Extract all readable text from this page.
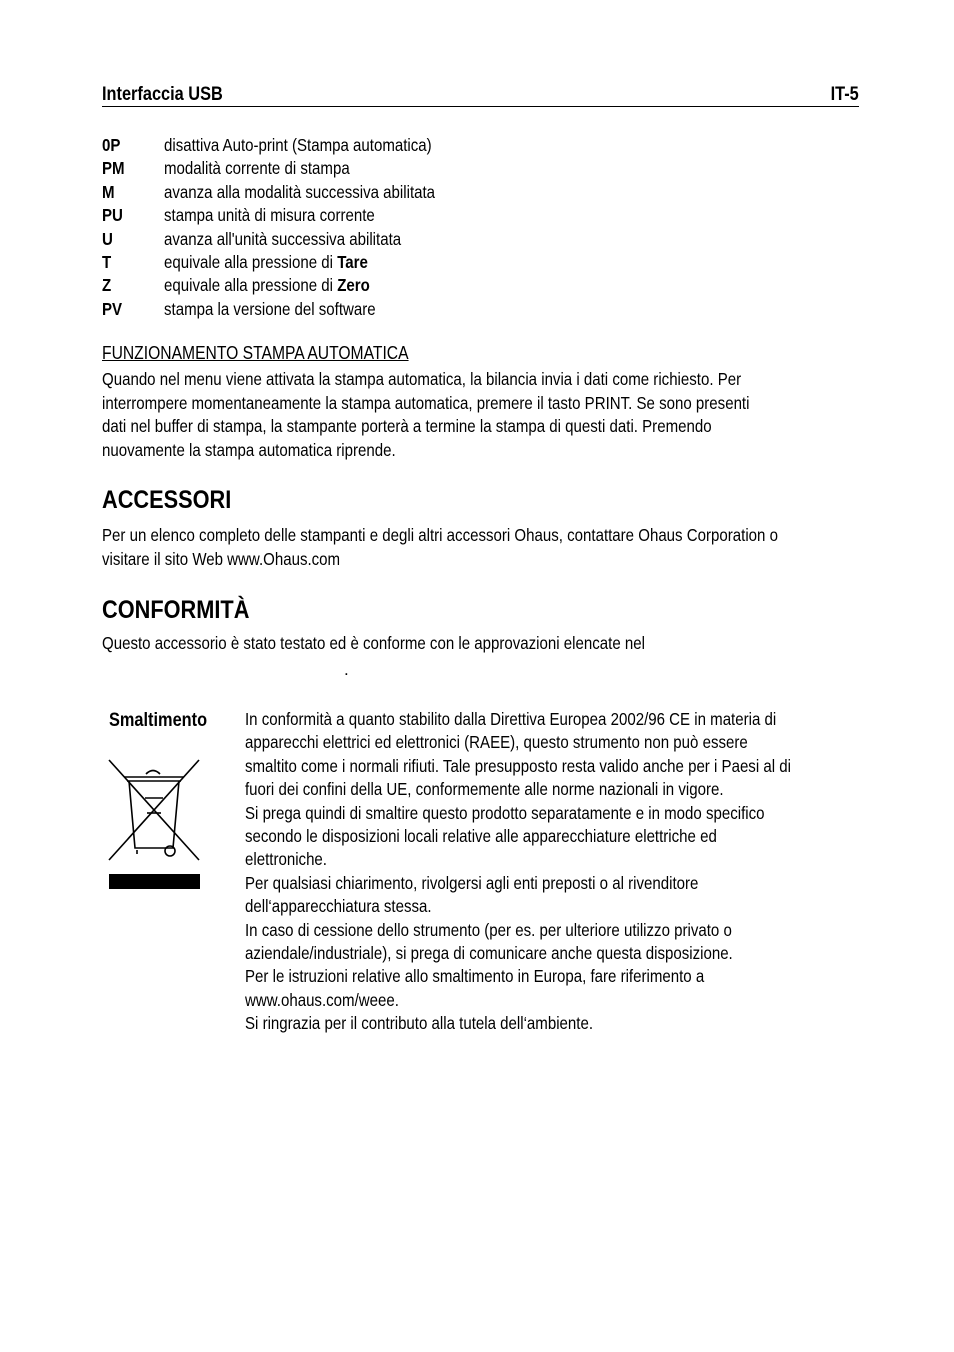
Interfaccia USB	IT-5
0P disattiva Auto-print (Stampa automatica)
PM modalità corrente di stampa
M	avanza alla modalità successiva abilitata
PU stampa unità di misura corrente
U	avanza all'unità successiva abilitata
T	equivale alla pressione di Tare
Z	equivale alla pressione di Zero
PV stampa la versione del software
FUNZIONAMENTO STAMPA AUTOMATICA
Quando nel menu viene attivata la stampa automatica, la bilancia invia i dati come richiesto. Per
interrompere momentaneamente la stampa automatica, premere il tasto PRINT. Se sono presenti
dati nel buffer di stampa, la stampante porterà a termine la stampa di questi dati. Premendo
nuovamente la stampa automatica riprende.
ACCESSORI
Per un elenco completo delle stampanti e degli altri accessori Ohaus, contattare Ohaus Corporation o
visitare il sito Web www.Ohaus.com
CONFORMITÀ
Questo accessorio è stato testato ed è conforme con le approvazioni elencate nel
.
Smaltimento In conformità a quanto stabilito dalla Direttiva Europea 2002/96 CE in materia di
apparecchi elettrici ed elettronici (RAEE), questo strumento non può essere
smaltito come i normali rifiuti. Tale presupposto resta valido anche per i Paesi al di
fuori dei confini della UE, conformemente alle norme nazionali in vigore.
Si prega quindi di smaltire questo prodotto separatamente e in modo specifico
secondo le disposizioni locali relative alle apparecchiature elettriche ed
elettroniche.
Per qualsiasi chiarimento, rivolgersi agli enti preposti o al rivenditore
dell‘apparecchiatura stessa.
In caso di cessione dello strumento (per es. per ulteriore utilizzo privato o
aziendale/industriale), si prega di comunicare anche questa disposizione.
Per le istruzioni relative allo smaltimento in Europa, fare riferimento a
www.ohaus.com/weee.
Si ringrazia per il contributo alla tutela dell‘ambiente.
